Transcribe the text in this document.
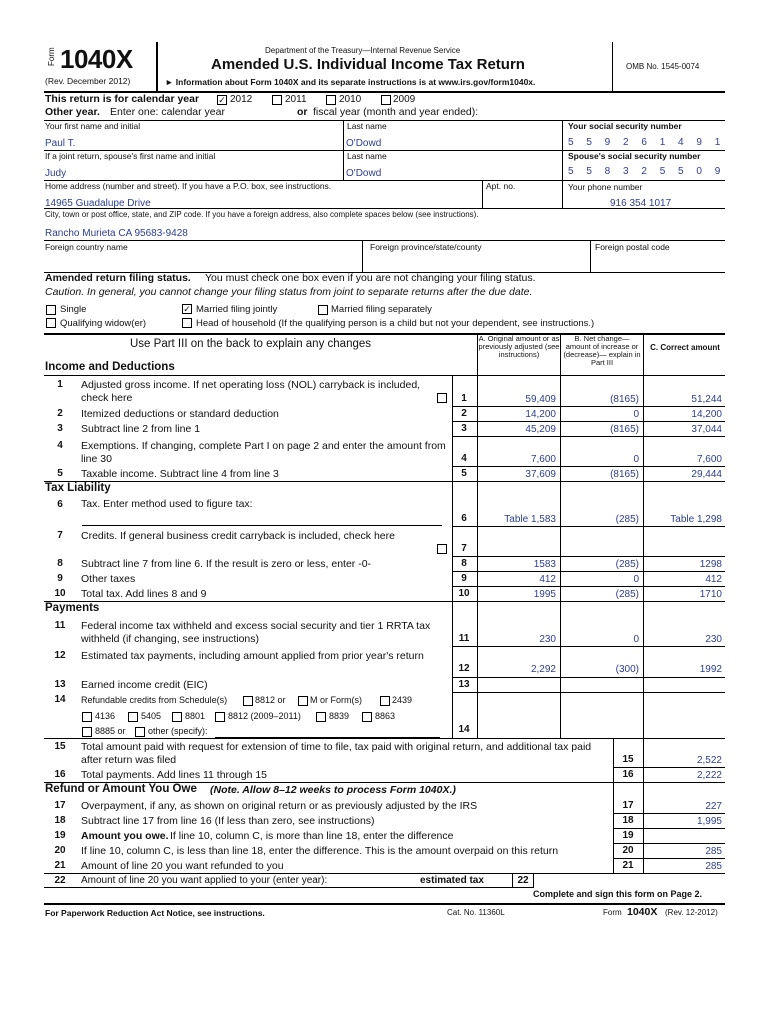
Form 1040X
(Rev. December 2012)
Department of the Treasury—Internal Revenue Service
Amended U.S. Individual Income Tax Return
► Information about Form 1040X and its separate instructions is at www.irs.gov/form1040x.
OMB No. 1545-0074
This return is for calendar year ✓ 2012	2011	2010	2009
Other year. Enter one: calendar year	or fiscal year (month and year ended):
Your first name and initial
Paul T.
Last name
O'Dowd
Your social security number
5 5 9 2 6 1 4 9 1
If a joint return, spouse's first name and initial
Judy
Last name
O'Dowd
Spouse's social security number
5 5 8 3 2 5 5 0 9
Home address (number and street). If you have a P.O. box, see instructions.
14965 Guadalupe Drive
Apt. no.	Your phone number
916 354 1017
City, town or post office, state, and ZIP code. If you have a foreign address, also complete spaces below (see instructions).
Rancho Murieta CA 95683-9428
Foreign country name	Foreign province/state/county	Foreign postal code
Amended return filing status. You must check one box even if you are not changing your filing status.
Caution. In general, you cannot change your filing status from joint to separate returns after the due date.
Single	✓ Married filing jointly	Married filing separately
Qualifying widow(er)	Head of household (If the qualifying person is a child but not your dependent, see instructions.)
Use Part III on the back to explain any changes	A. Original amount or as previously adjusted (see instructions)
B. Net change— amount of increase or (decrease)— explain in Part III
C. Correct amount
Income and Deductions
1	Adjusted gross income. If net operating loss (NOL) carryback is included, check here	1	59,409	(8165)	51,244
2	Itemized deductions or standard deduction	2	14,200	0	14,200
3	Subtract line 2 from line 1	3	45,209	(8165)	37,044
4	Exemptions. If changing, complete Part I on page 2 and enter the amount from line 30	4	7,600	0	7,600
5	Taxable income. Subtract line 4 from line 3	5	37,609	(8165)	29,444
Tax Liability
6	Tax. Enter method used to figure tax:
6	Table 1,583	(285)	Table 1,298
7	Credits. If general business credit carryback is included, check here
7
8	Subtract line 7 from line 6. If the result is zero or less, enter -0-	8	1583	(285)	1298
9	Other taxes	9	412	0	412
10	Total tax. Add lines 8 and 9	10	1995	(285)	1710
Payments
11	Federal income tax withheld and excess social security and tier 1 RRTA tax withheld (if changing, see instructions)	11	230	0	230
12	Estimated tax payments, including amount applied from prior year's return
12	2,292	(300)	1992
13	Earned income credit (EIC)	13
14	Refundable credits from Schedule(s)	8812 or	M or Form(s)	2439
4136	5405	8801	8812 (2009–2011)	8839	8863
8885 or other (specify):	14
15	Total amount paid with request for extension of time to file, tax paid with original return, and additional tax paid after return was filed	15	2,522
16	Total payments. Add lines 11 through 15	16	2,222
Refund or Amount You Owe (Note. Allow 8–12 weeks to process Form 1040X.)
17	Overpayment, if any, as shown on original return or as previously adjusted by the IRS	17	227
18	Subtract line 17 from line 16 (If less than zero, see instructions)	18	1,995
19	Amount you owe. If line 10, column C, is more than line 18, enter the difference	19
20	If line 10, column C, is less than line 18, enter the difference. This is the amount overpaid on this return	20	285
21	Amount of line 20 you want refunded to you	21	285
22	Amount of line 20 you want applied to your (enter year):	estimated tax	22
Complete and sign this form on Page 2.
For Paperwork Reduction Act Notice, see instructions.	Cat. No. 11360L	Form 1040X (Rev. 12-2012)
